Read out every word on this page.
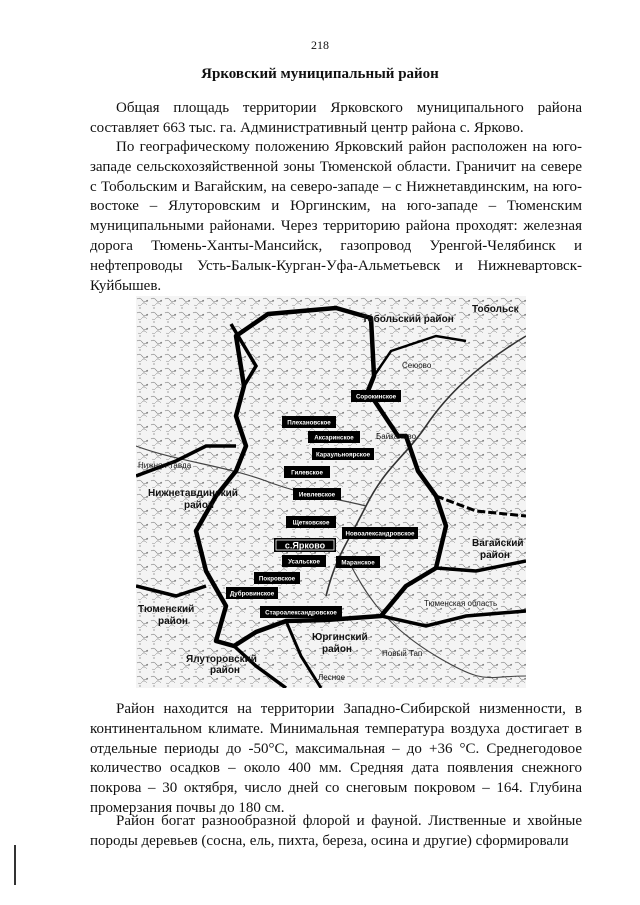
218
Ярковский муниципальный район

Общая площадь территории Ярковского муниципального района составляет 663 тыс. га. Административный центр района с. Ярково.

По географическому положению Ярковский район расположен на юго-западе сельскохозяйственной зоны Тюменской области. Граничит на севере с Тобольским и Вагайским, на северо-западе – с Нижнетавдинским, на юго-востоке – Ялуторовским и Юргинским, на юго-западе – Тюменским муниципальными районами. Через территорию района проходят: железная дорога Тюмень-Ханты-Мансийск, газопровод Уренгой-Челябинск и нефтепроводы Усть-Балык-Курган-Уфа-Альметьевск и Нижневартовск-Куйбышев.

Сорокинское
Плехановское
Аксаринское
Караульноярское
Гилевское
Иевлевское
Щетковское
Новоалександровское
с.Ярково
Усальское	Маранское
Покровское
Дубровинское
Староалександровское
Тобольск
Тобольский район
Сеюово
Байкалово
Нижняя Тавда
Нижнетавдинский
район
Вагайский
район
Тюменская область
Тюменский
район
Ялуторовский
район
Юргинский
район	Новый Тап
Лесное

Район находится на территории Западно-Сибирской низменности, в континентальном климате. Минимальная температура воздуха достигает в отдельные периоды до -50°С, максимальная – до +36 °С. Среднегодовое количество осадков – около 400 мм. Средняя дата появления снежного покрова – 30 октября, число дней со снеговым покровом – 164. Глубина промерзания почвы до 180 см.

Район богат разнообразной флорой и фауной. Лиственные и хвойные породы деревьев (сосна, ель, пихта, береза, осина и другие) сформировали
